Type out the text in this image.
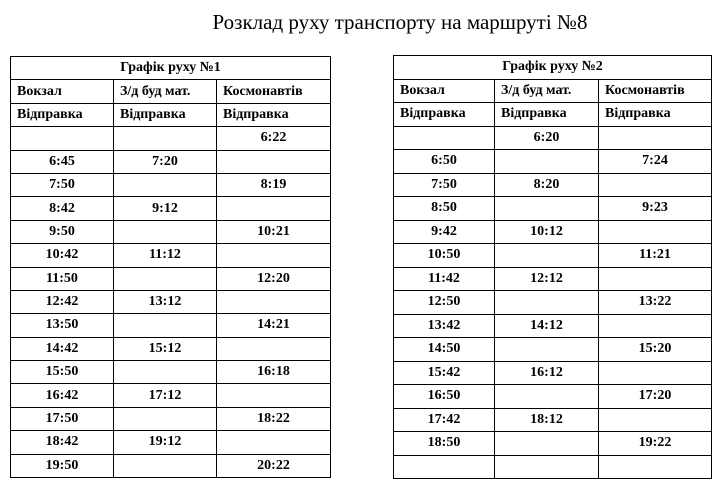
Розклад руху транспорту на маршруті №8
Графік руху №1		
Вокзал	З/д буд мат.	Космонавтів
Відправка	Відправка	Відправка
		6:22
6:45	7:20	
7:50		8:19
8:42	9:12	
9:50		10:21
10:42	11:12	
11:50		12:20
12:42	13:12	
13:50		14:21
14:42	15:12	
15:50		16:18
16:42	17:12	
17:50		18:22
18:42	19:12	
19:50		20:22
Графік руху №2		
Вокзал	З/д буд мат.	Космонавтів
Відправка	Відправка	Відправка
	6:20	
6:50		7:24
7:50	8:20	
8:50		9:23
9:42	10:12	
10:50		11:21
11:42	12:12	
12:50		13:22
13:42	14:12	
14:50		15:20
15:42	16:12	
16:50		17:20
17:42	18:12	
18:50		19:22
